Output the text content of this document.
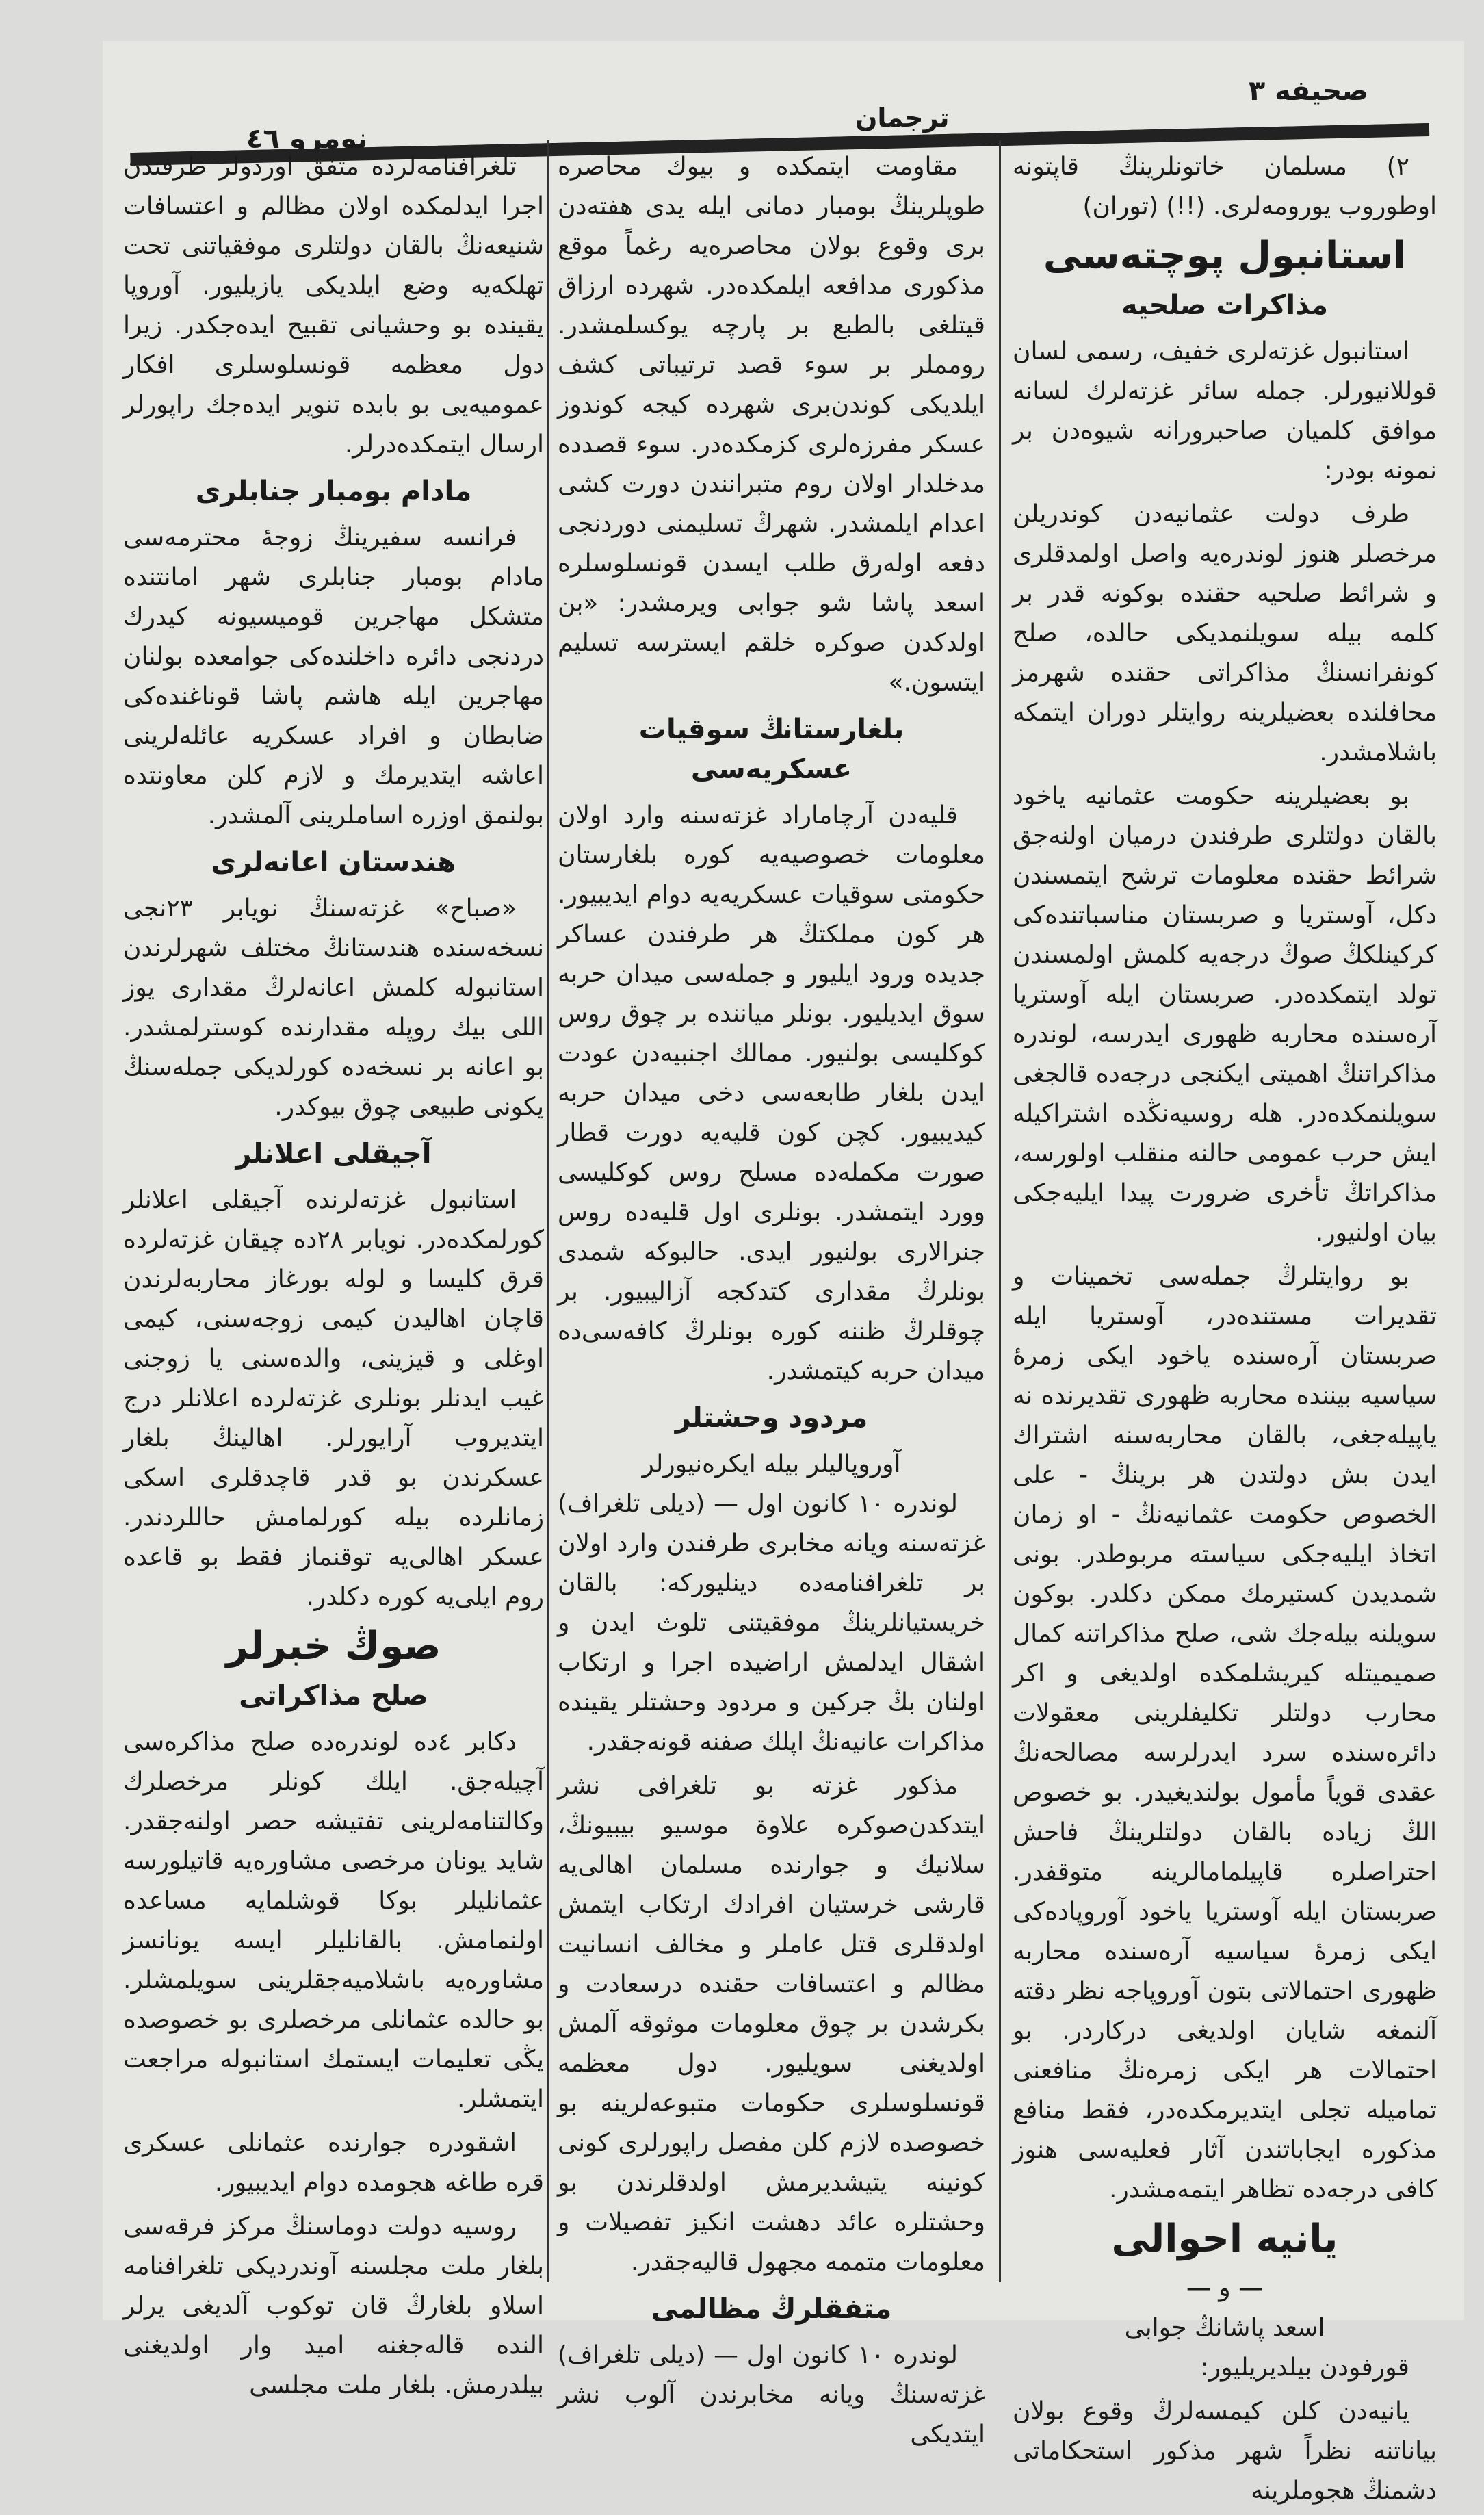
صحیفه ۳
ترجمان
نومرو ٤٦

۲) مسلمان خاتونلرینڭ قاپتونه اوطوروب یورومه‌لری. (!!) (توران)

استانبول پوچته‌سی
مذاکرات صلحیه

استانبول غزته‌لری خفیف، رسمی لسان قوللانیورلر. جمله سائر غزته‌لرك لسانه موافق کلمیان صاحبرورانه شیوه‌دن بر نمونه بودر:

طرف دولت عثمانیه‌دن کوندریلن مرخصلر هنوز لوندره‌یه واصل اولمدقلری و شرائط صلحیه حقنده بوکونه قدر بر کلمه بیله سویلنمدیکی حالده، صلح کونفرانسنڭ مذاکراتی حقنده شهرمز محافلنده بعضیلرینه روایتلر دوران ایتمکه باشلامشدر.

بو بعضیلرینه حکومت عثمانیه یاخود بالقان دولتلری طرفندن درمیان اولنه‌جق شرائط حقنده معلومات ترشح ایتمسندن دکل، آوستریا و صربستان مناسباتنده‌کی کرکینلکڭ صوڭ درجه‌یه کلمش اولمسندن تولد ایتمکده‌در. صربستان ایله آوستریا آره‌سنده محاربه ظهوری ایدرسه، لوندره مذاکراتنڭ اهمیتی ایکنجی درجه‌ده قالجغی سویلنمکده‌در. هله روسیه‌نڭده اشتراکیله ایش حرب عمومی حالنه منقلب اولورسه، مذاکراتڭ تأخری ضرورت پیدا ایلیه‌جکی بیان اولنیور.

بو روایتلرڭ جمله‌سی تخمینات و تقدیرات مستنده‌در، آوستریا ایله صربستان آره‌سنده یاخود ایکی زمرهٔ سیاسیه بیننده محاربه ظهوری تقدیرنده نه یاپیله‌جغی، بالقان محاربه‌سنه اشتراك ایدن بش دولتدن هر برینڭ - علی الخصوص حکومت عثمانیه‌نڭ - او زمان اتخاذ ایلیه‌جکی سیاسته مربوطدر. بونی شمدیدن کستیرمك ممکن دکلدر. بوکون سویلنه بیله‌جك شی، صلح مذاکراتنه کمال صمیمیتله کیریشلمکده اولدیغی و اکر محارب دولتلر تکلیفلرینی معقولات دائره‌سنده سرد ایدرلرسه مصالحه‌نڭ عقدی قویاً مأمول بولندیغیدر. بو خصوص الڭ زیاده بالقان دولتلرینڭ فاحش احتراصلره قاپیلمامالرینه متوقفدر. صربستان ایله آوستریا یاخود آوروپاده‌کی ایکی زمرهٔ سیاسیه آره‌سنده محاربه ظهوری احتمالاتی بتون آوروپاجه نظر دقته آلنمغه شایان اولدیغی درکاردر. بو احتمالات هر ایکی زمره‌نڭ منافعنی تمامیله تجلی ایتدیرمکده‌در، فقط منافع مذکوره ایجاباتندن آثار فعلیه‌سی هنوز کافی درجه‌ده تظاهر ایتمه‌مشدر.

یانیه احوالی
— و —
اسعد پاشانڭ جوابی

قورفودن بیلدیریلیور:

یانیه‌دن کلن کیمسه‌لرڭ وقوع بولان بیاناتنه نظراً شهر مذکور استحکاماتی دشمنڭ هجوملرینه

مقاومت ایتمکده و بیوك محاصره طوپلرینڭ بومبار دمانی ایله یدی هفته‌دن بری وقوع بولان محاصره‌یه رغماً موقع مذکوری مدافعه ایلمکده‌در. شهرده ارزاق قیتلغی بالطبع بر پارچه یوکسلمشدر. رومملر بر سوء قصد ترتیباتی کشف ایلدیکی کوندن‌بری شهرده کیجه کوندوز عسکر مفرزه‌لری کزمکده‌در. سوء قصدده مدخلدار اولان روم متبرانندن دورت کشی اعدام ایلمشدر. شهرڭ تسلیمنی دوردنجی دفعه اوله‌رق طلب ایسدن قونسلوسلره اسعد پاشا شو جوابی ویرمشدر: «بن اولدکدن صوکره خلقم ایسترسه تسلیم ایتسون.»

بلغارستانڭ سوقیات عسکریه‌سی

قلیه‌دن آرچاماراد غزته‌سنه وارد اولان معلومات خصوصیه‌یه کوره بلغارستان حکومتی سوقیات عسکریه‌یه دوام ایدیبیور. هر کون مملکتڭ هر طرفندن عساکر جدیده ورود ایلیور و جمله‌سی میدان حربه سوق ایدیلیور. بونلر میاننده بر چوق روس کوکلیسی بولنیور. ممالك اجنبیه‌دن عودت ایدن بلغار طابعه‌سی دخی میدان حربه کیدیبیور. کچن کون قلیه‌یه دورت قطار صورت مکمله‌ده مسلح روس کوکلیسی وورد ایتمشدر. بونلری اول قلیه‌ده روس جنرالاری بولنیور ایدی. حالبوکه شمدی بونلرڭ مقداری کتدکجه آزالیبیور. بر چوقلرڭ ظننه کوره بونلرڭ کافه‌سی‌ده میدان حربه کیتمشدر.

مردود وحشتلر
آوروپالیلر بیله ایکره‌نیورلر

لوندره ۱۰ کانون اول — (دیلی تلغراف) غزته‌سنه ویانه مخابری طرفندن وارد اولان بر تلغرافنامه‌ده دینلیورکه: بالقان خریستیانلرینڭ موفقیتنی تلوث ایدن و اشقال ایدلمش اراضیده اجرا و ارتکاب اولنان بڭ جرکین و مردود وحشتلر یقینده مذاکرات عانیه‌نڭ اپلك صفنه قونه‌جقدر.

مذکور غزته بو تلغرافی نشر ایتدکدن‌صوکره علاوة موسیو بیبیونڭ، سلانیك و جوارنده مسلمان اهالی‌یه قارشی خرستیان افرادك ارتکاب ایتمش اولدقلری قتل عاملر و مخالف انسانیت مظالم و اعتسافات حقنده درسعادت و بکرشدن بر چوق معلومات موثوقه آلمش اولدیغنی سویلیور. دول معظمه قونسلوسلری حکومات متبوعه‌لرینه بو خصوصده لازم کلن مفصل راپورلری کونی کونینه یتیشدیرمش اولدقلرندن بو وحشتلره عائد دهشت انکیز تفصیلات و معلومات متممه مجهول قالیه‌جقدر.

متفقلرڭ مظالمی

لوندره ۱۰ کانون اول — (دیلی تلغراف) غزته‌سنڭ ویانه مخابرندن آلوب نشر ایتدیکی

تلغرافنامه‌لرده متفق اوردولر طرفندن اجرا ایدلمکده اولان مظالم و اعتسافات شنیعه‌نڭ بالقان دولتلری موفقیاتنی تحت تهلکه‌یه وضع ایلدیکی یازیلیور. آوروپا یقینده بو وحشیانی تقبیح ایده‌جکدر. زیرا دول معظمه قونسلوسلری افکار عمومیه‌یی بو بابده تنویر ایده‌جك راپورلر ارسال ایتمکده‌درلر.

مادام بومبار جنابلری

فرانسه سفیرینڭ زوجهٔ محترمه‌سی مادام بومبار جنابلری شهر امانتنده متشکل مهاجرین قومیسیونه کیدرك دردنجی دائره داخلنده‌کی جوامعده بولنان مهاجرین ایله هاشم پاشا قوناغنده‌کی ضابطان و افراد عسکریه عائله‌لرینی اعاشه ایتدیرمك و لازم کلن معاونتده بولنمق اوزره اساملرینی آلمشدر.

هندستان اعانه‌لری

«صباح» غزته‌سنڭ نویابر ۲۳نجی نسخه‌سنده هندستانڭ مختلف شهرلرندن استانبوله کلمش اعانه‌لرڭ مقداری یوز اللی بیك روپله مقدارنده کوسترلمشدر. بو اعانه بر نسخه‌ده کورلدیکی جمله‌سنڭ یکونی طبیعی چوق بیوکدر.

آجیقلی اعلانلر

استانبول غزته‌لرنده آجیقلی اعلانلر کورلمکده‌در. نویابر ۲۸ده چیقان غزته‌لرده قرق کلیسا و لوله بورغاز محاربه‌لرندن قاچان اهالیدن کیمی زوجه‌سنی، کیمی اوغلی و قیزینی، والده‌سنی یا زوجنی غیب ایدنلر بونلری غزته‌لرده اعلانلر درج ایتدیروب آرایورلر. اهالینڭ بلغار عسکرندن بو قدر قاچدقلری اسکی زمانلرده بیله کورلمامش حاللردندر. عسکر اهالی‌یه توقنماز فقط بو قاعده روم ایلی‌یه کوره دکلدر.

صوڭ خبرلر
صلح مذاکراتی

دکابر ٤ده لوندره‌ده صلح مذاکره‌سی آچیله‌جق. ایلك کونلر مرخصلرك وکالتنامه‌لرینی تفتیشه حصر اولنه‌جقدر. شاید یونان مرخصی مشاوره‌یه قاتیلورسه عثمانلیلر بوکا قوشلمایه مساعده اولنمامش. بالقانلیلر ایسه یونانسز مشاوره‌یه باشلامیه‌جقلرینی سویلمشلر. بو حالده عثمانلی مرخصلری بو خصوصده یڭی تعلیمات ایستمك استانبوله مراجعت ایتمشلر.

اشقودره جوارنده عثمانلی عسکری قره طاغه هجومده دوام ایدیبیور.

روسیه دولت دوماسنڭ مرکز فرقه‌سی بلغار ملت مجلسنه آوندردیکی تلغرافنامه اسلاو بلغارڭ قان توکوب آلدیغی یرلر النده قاله‌جغنه امید وار اولدیغنی بیلدرمش. بلغار ملت مجلسی
